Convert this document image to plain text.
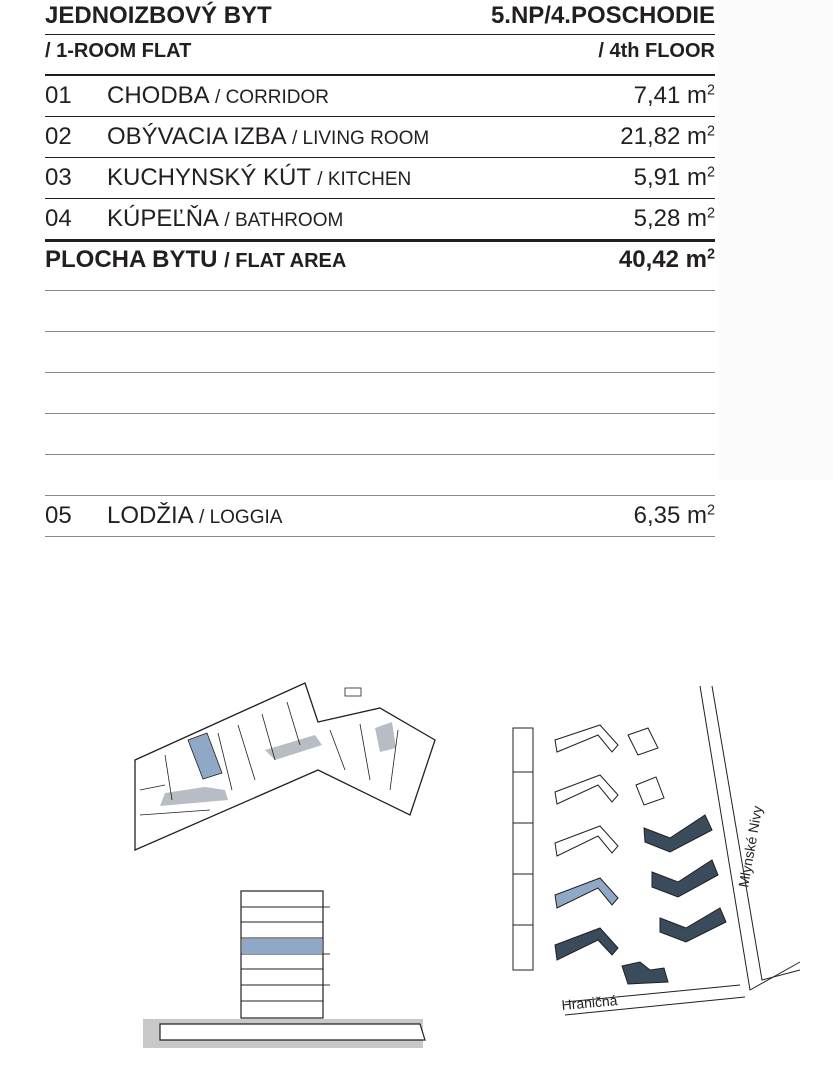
JEDNOIZBOVÝ BYT	5.NP/4.POSCHODIE
/ 1-ROOM FLAT	/ 4th FLOOR
01	CHODBA / CORRIDOR	7,41 $m^2$
02	OBÝVACIA IZBA / LIVING ROOM	21,82 $m^2$
03	KUCHYNSKÝ KÚT / KITCHEN	5,91 $m^2$
04	KÚPEĽŇA / BATHROOM	5,28 $m^2$
PLOCHA BYTU / FLAT AREA	40,42 $m^2$
05	LODŽIA / LOGGIA	6,35 $m^2$
Mlynské Nivy
Hraničná
